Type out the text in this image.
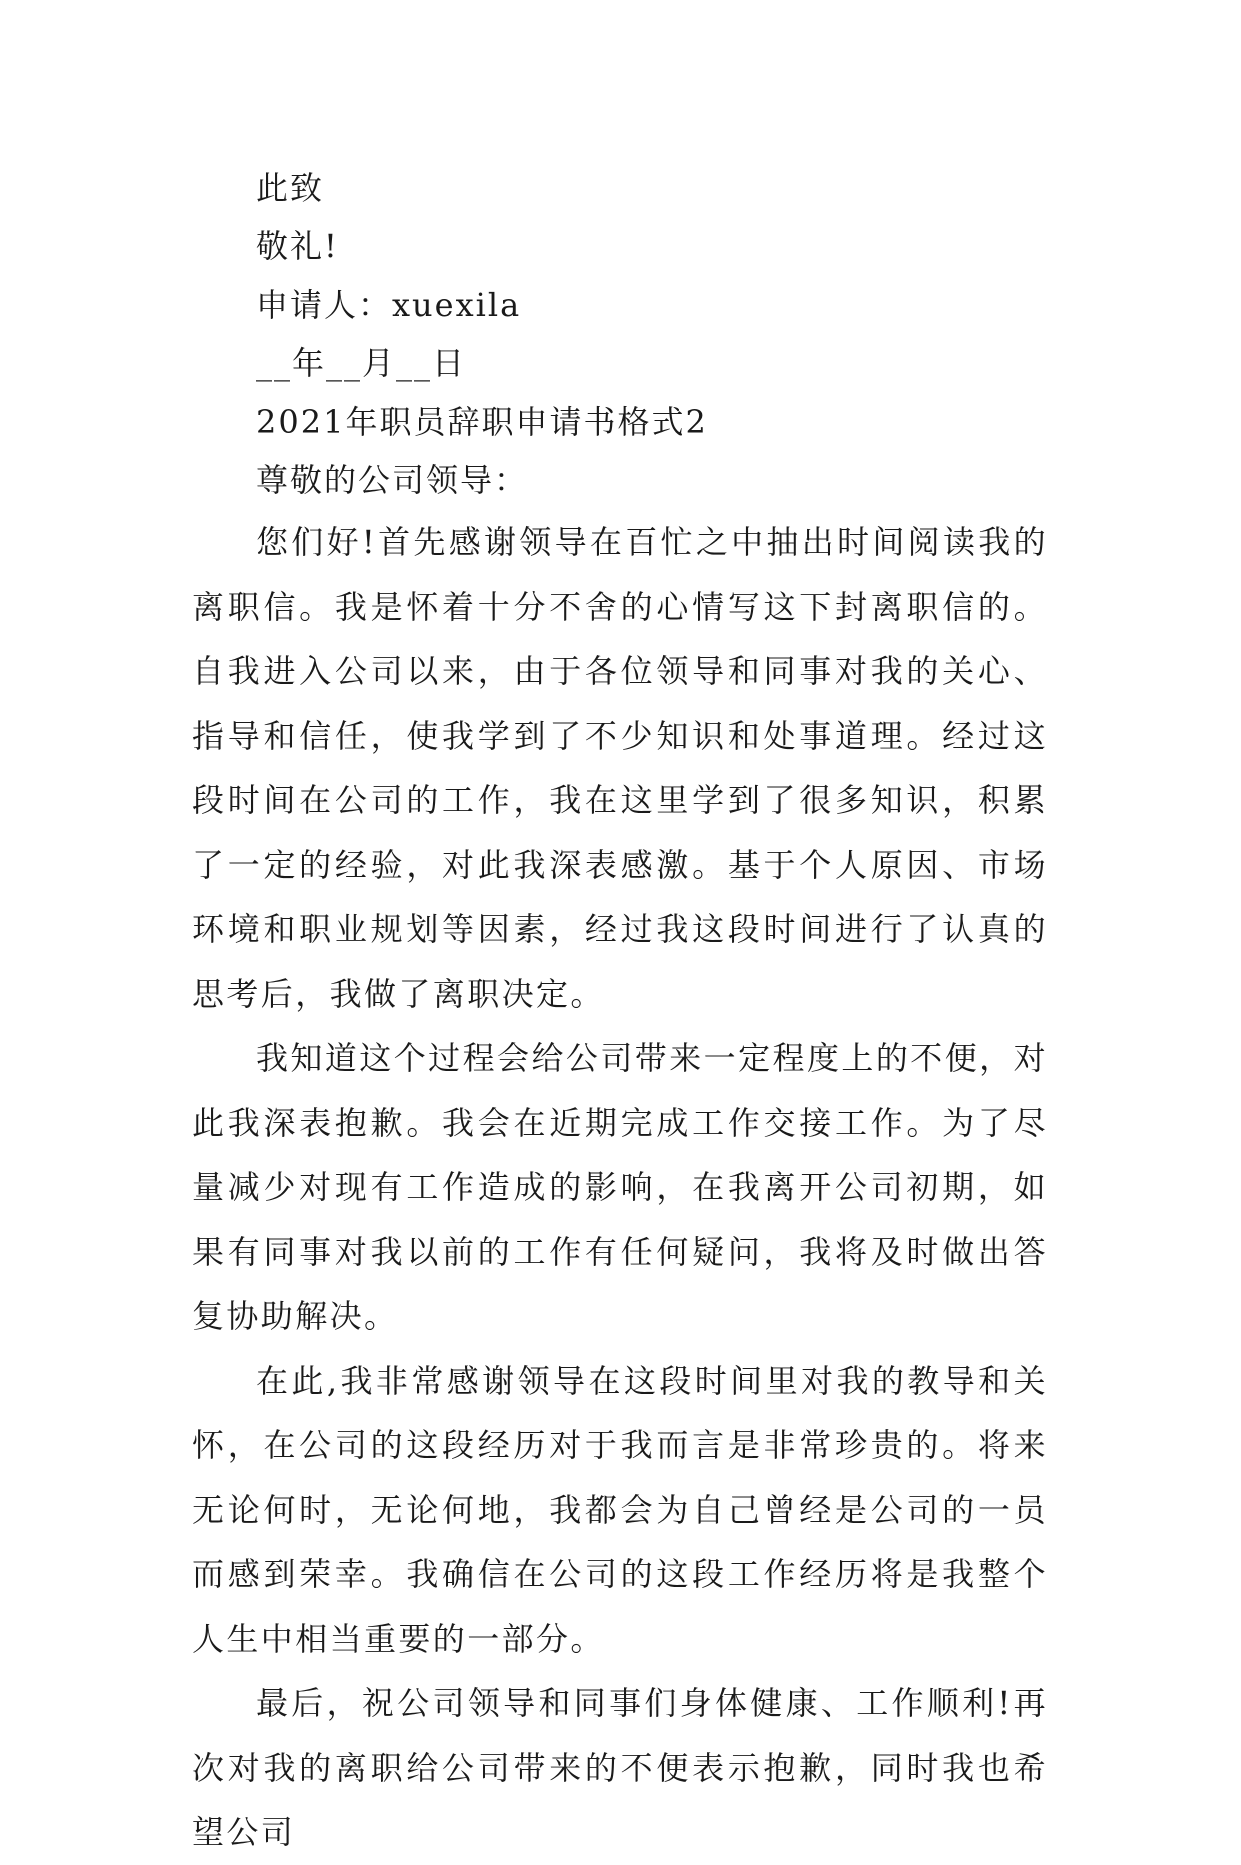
此致
敬礼!
申请人：xuexila
__年__月__日
2021年职员辞职申请书格式2
尊敬的公司领导：

您们好!首先感谢领导在百忙之中抽出时间阅读我的离职信。我是怀着十分不舍的心情写这下封离职信的。自我进入公司以来，由于各位领导和同事对我的关心、指导和信任，使我学到了不少知识和处事道理。经过这段时间在公司的工作，我在这里学到了很多知识，积累了一定的经验，对此我深表感激。基于个人原因、市场环境和职业规划等因素，经过我这段时间进行了认真的思考后，我做了离职决定。

我知道这个过程会给公司带来一定程度上的不便，对此我深表抱歉。我会在近期完成工作交接工作。为了尽量减少对现有工作造成的影响，在我离开公司初期，如果有同事对我以前的工作有任何疑问，我将及时做出答复协助解决。

在此,我非常感谢领导在这段时间里对我的教导和关怀，在公司的这段经历对于我而言是非常珍贵的。将来无论何时，无论何地，我都会为自己曾经是公司的一员而感到荣幸。我确信在公司的这段工作经历将是我整个人生中相当重要的一部分。

最后，祝公司领导和同事们身体健康、工作顺利!再次对我的离职给公司带来的不便表示抱歉，同时我也希望公司
